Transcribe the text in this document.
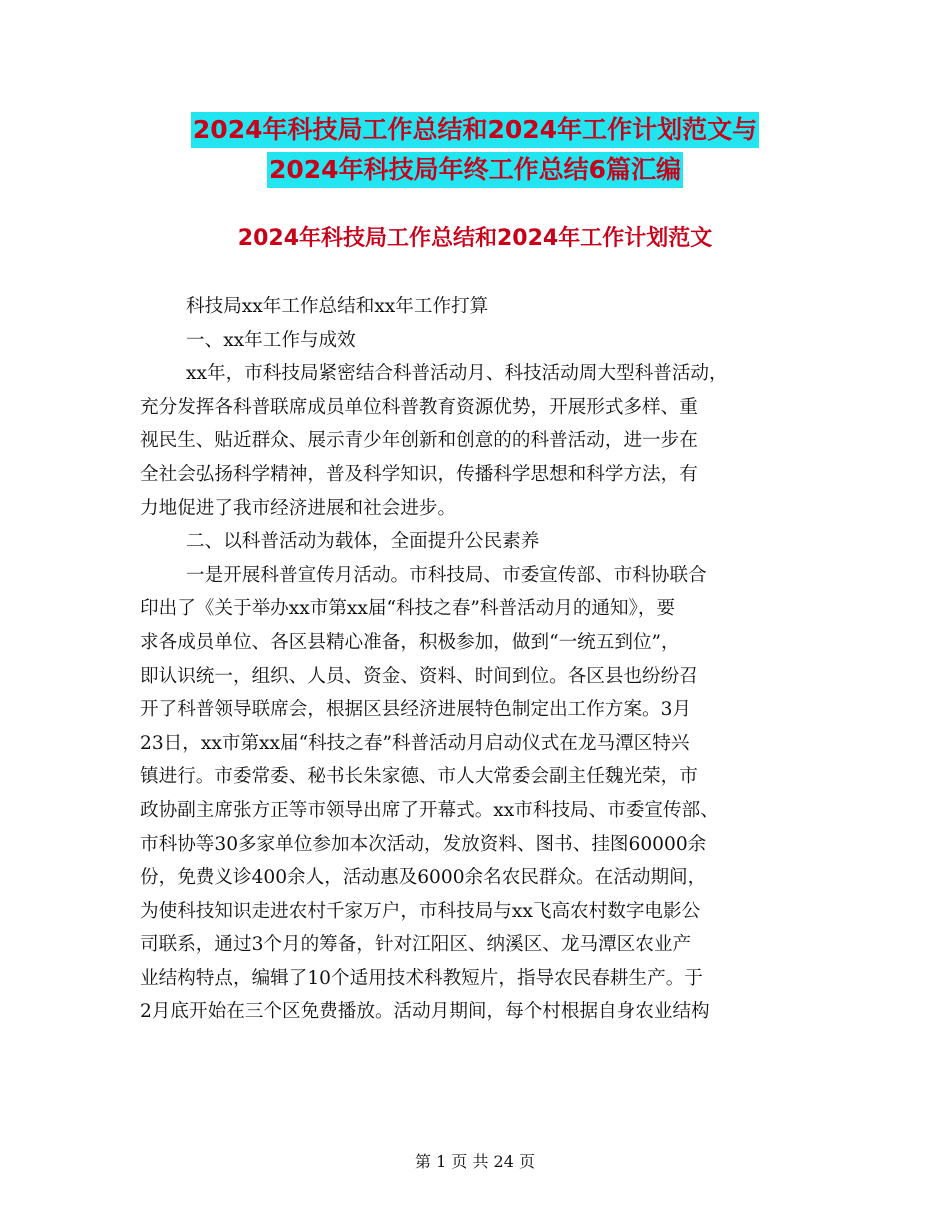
2024年科技局工作总结和2024年工作计划范文与
2024年科技局年终工作总结6篇汇编
2024年科技局工作总结和2024年工作计划范文

科技局xx年工作总结和xx年工作打算

一、xx年工作与成效

xx年，市科技局紧密结合科普活动月、科技活动周大型科普活动，

充分发挥各科普联席成员单位科普教育资源优势，开展形式多样、重

视民生、贴近群众、展示青少年创新和创意的的科普活动，进一步在

全社会弘扬科学精神，普及科学知识，传播科学思想和科学方法，有

力地促进了我市经济进展和社会进步。

二、以科普活动为载体，全面提升公民素养

一是开展科普宣传月活动。市科技局、市委宣传部、市科协联合

印出了《关于举办xx市第xx届“科技之春”科普活动月的通知》，要

求各成员单位、各区县精心准备，积极参加，做到“一统五到位”，

即认识统一，组织、人员、资金、资料、时间到位。各区县也纷纷召

开了科普领导联席会，根据区县经济进展特色制定出工作方案。3月

23日，xx市第xx届“科技之春”科普活动月启动仪式在龙马潭区特兴

镇进行。市委常委、秘书长朱家德、市人大常委会副主任魏光荣，市

政协副主席张方正等市领导出席了开幕式。xx市科技局、市委宣传部、

市科协等30多家单位参加本次活动，发放资料、图书、挂图60000余

份，免费义诊400余人，活动惠及6000余名农民群众。在活动期间，

为使科技知识走进农村千家万户，市科技局与xx飞高农村数字电影公

司联系，通过3个月的筹备，针对江阳区、纳溪区、龙马潭区农业产

业结构特点，编辑了10个适用技术科教短片，指导农民春耕生产。于

2月底开始在三个区免费播放。活动月期间，每个村根据自身农业结构

第 1 页 共 24 页
